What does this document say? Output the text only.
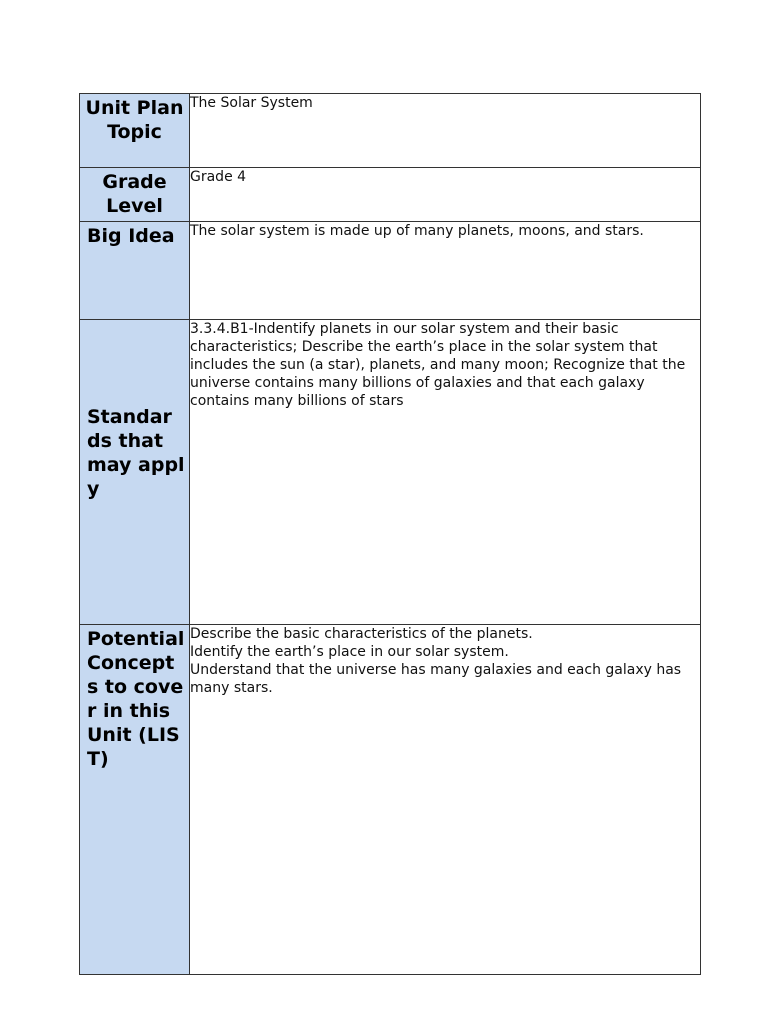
Unit Plan Topic	The Solar System

Grade Level	Grade 4

Big Idea	The solar system is made up of many planets, moons, and stars.

Standards that may apply	3.3.4.B1-Indentify planets in our solar system and their basic characteristics; Describe the earth’s place in the solar system that includes the sun (a star), planets, and many moon; Recognize that the universe contains many billions of galaxies and that each galaxy contains many billions of stars

Potential Concepts to cover in this Unit (LIST)	Describe the basic characteristics of the planets.
Identify the earth’s place in our solar system.
Understand that the universe has many galaxies and each galaxy has many stars.
